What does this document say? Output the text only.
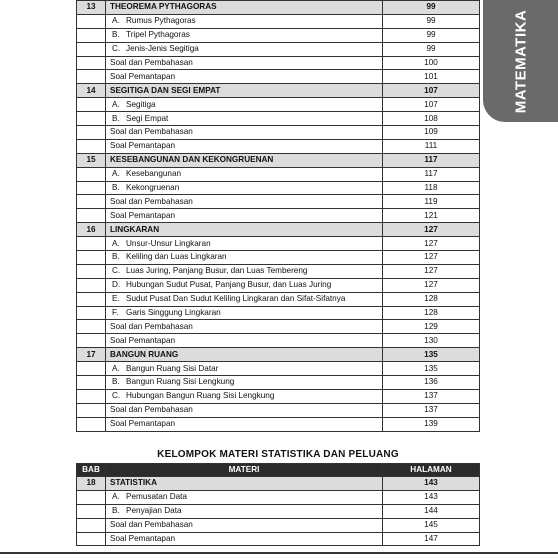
MATEMATIKA
13	THEOREMA PYTHAGORAS	99
	A. Rumus Pythagoras	99
	B. Tripel Pythagoras	99
	C. Jenis-Jenis Segitiga	99
	Soal dan Pembahasan	100
	Soal Pemantapan	101
14	SEGITIGA DAN SEGI EMPAT	107
	A. Segitiga	107
	B. Segi Empat	108
	Soal dan Pembahasan	109
	Soal Pemantapan	111
15	KESEBANGUNAN DAN KEKONGRUENAN	117
	A. Kesebangunan	117
	B. Kekongruenan	118
	Soal dan Pembahasan	119
	Soal Pemantapan	121
16	LINGKARAN	127
	A. Unsur-Unsur Lingkaran	127
	B. Keliling dan Luas Lingkaran	127
	C. Luas Juring, Panjang Busur, dan Luas Tembereng	127
	D. Hubungan Sudut Pusat, Panjang Busur, dan Luas Juring	127
	E. Sudut Pusat Dan Sudut Keliling Lingkaran dan Sifat-Sifatnya	128
	F. Garis Singgung Lingkaran	128
	Soal dan Pembahasan	129
	Soal Pemantapan	130
17	BANGUN RUANG	135
	A. Bangun Ruang Sisi Datar	135
	B. Bangun Ruang Sisi Lengkung	136
	C. Hubungan Bangun Ruang Sisi Lengkung	137
	Soal dan Pembahasan	137
	Soal Pemantapan	139
KELOMPOK MATERI STATISTIKA DAN PELUANG
BAB	MATERI	HALAMAN
18	STATISTIKA	143
	A. Pemusatan Data	143
	B. Penyajian Data	144
	Soal dan Pembahasan	145
	Soal Pemantapan	147
